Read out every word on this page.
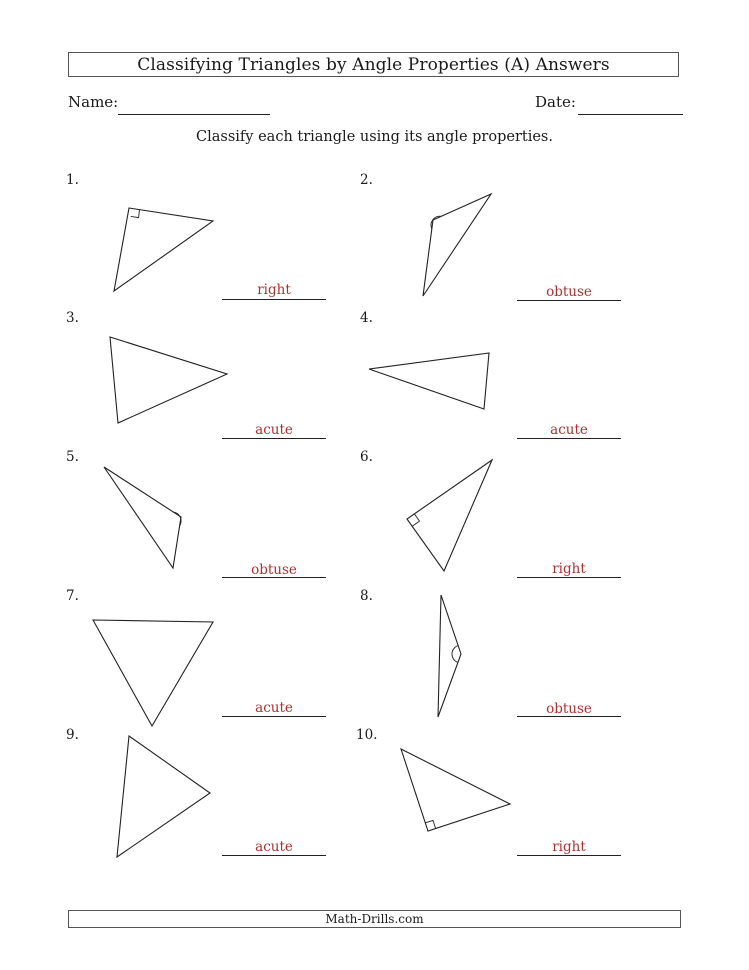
Classifying Triangles by Angle Properties (A) Answers
Name:	Date:
Classify each triangle using its angle properties.
1.
right
2.
obtuse
3.
acute
4.
acute
5.
obtuse
6.
right
7.
acute
8.
obtuse
9.
acute
10.
right
Math-Drills.com
